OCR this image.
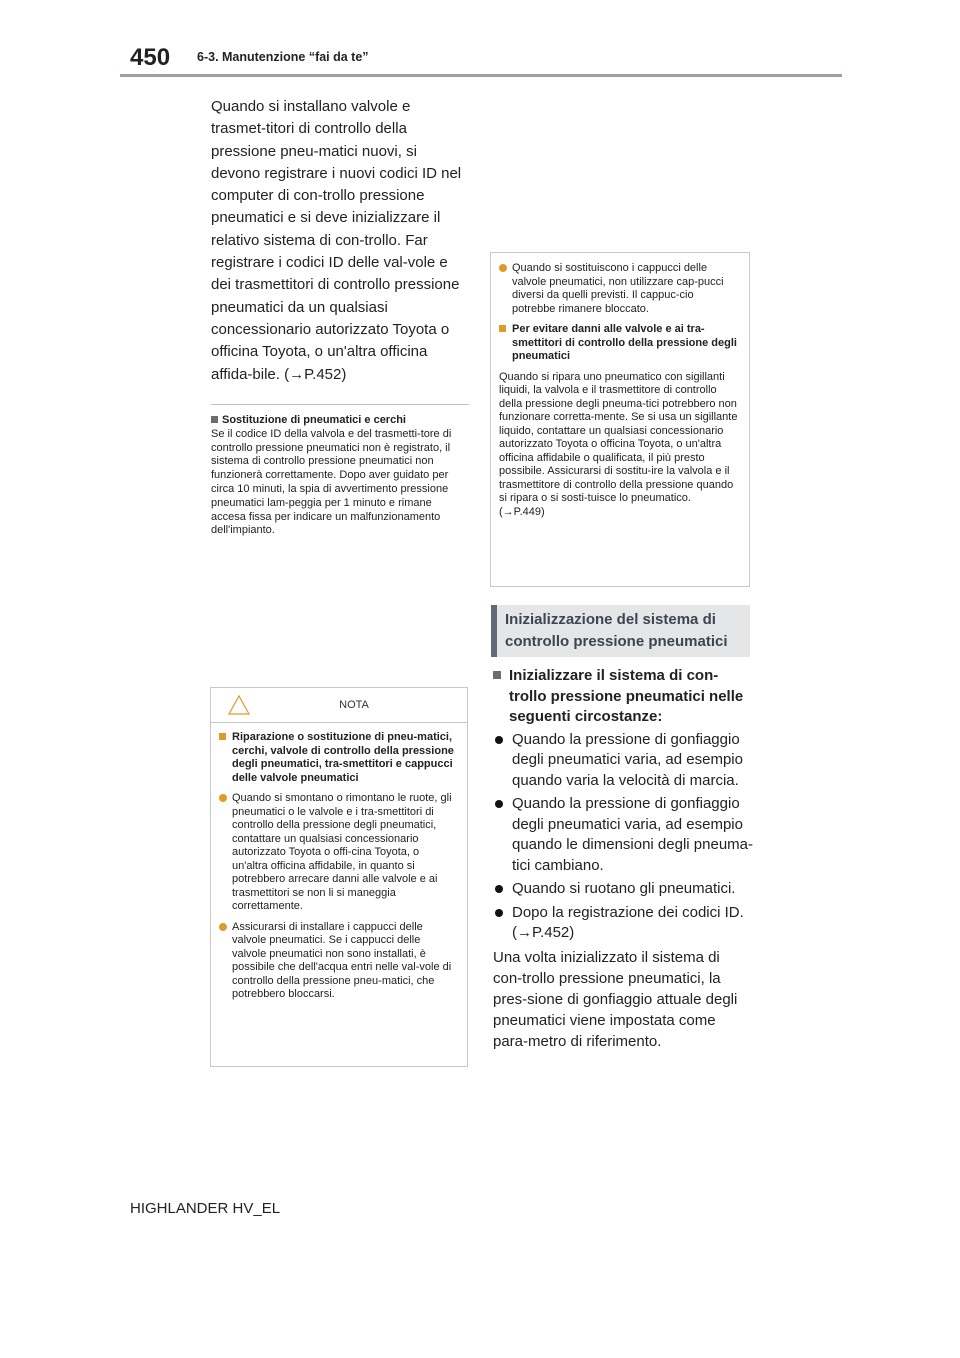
450 6-3. Manutenzione “fai da te”

Quando si installano valvole e trasmet-titori di controllo della pressione pneu-matici nuovi, si devono registrare i nuovi codici ID nel computer di con-trollo pressione pneumatici e si deve inizializzare il relativo sistema di con-trollo. Far registrare i codici ID delle val-vole e dei trasmettitori di controllo pressione pneumatici da un qualsiasi concessionario autorizzato Toyota o officina Toyota, o un'altra officina affida-bile. (→P.452)

Sostituzione di pneumatici e cerchi

Se il codice ID della valvola e del trasmetti-tore di controllo pressione pneumatici non è registrato, il sistema di controllo pressione pneumatici non funzionerà correttamente. Dopo aver guidato per circa 10 minuti, la spia di avvertimento pressione pneumatici lam-peggia per 1 minuto e rimane accesa fissa per indicare un malfunzionamento dell'impianto.

NOTA
Riparazione o sostituzione di pneu-matici, cerchi, valvole di controllo della pressione degli pneumatici, tra-smettitori e cappucci delle valvole pneumatici
Quando si smontano o rimontano le ruote, gli pneumatici o le valvole e i tra-smettitori di controllo della pressione degli pneumatici, contattare un qualsiasi concessionario autorizzato Toyota o offi-cina Toyota, o un'altra officina affidabile, in quanto si potrebbero arrecare danni alle valvole e ai trasmettitori se non li si maneggia correttamente.
Assicurarsi di installare i cappucci delle valvole pneumatici. Se i cappucci delle valvole pneumatici non sono installati, è possibile che dell'acqua entri nelle val-vole di controllo della pressione pneu-matici, che potrebbero bloccarsi.
Quando si sostituiscono i cappucci delle valvole pneumatici, non utilizzare cap-pucci diversi da quelli previsti. Il cappuc-cio potrebbe rimanere bloccato.
Per evitare danni alle valvole e ai tra-smettitori di controllo della pressione degli pneumatici

Quando si ripara uno pneumatico con sigillanti liquidi, la valvola e il trasmettitore di controllo della pressione degli pneuma-tici potrebbero non funzionare corretta-mente. Se si usa un sigillante liquido, contattare un qualsiasi concessionario autorizzato Toyota o officina Toyota, o un'altra officina affidabile o qualificata, il più presto possibile. Assicurarsi di sostitu-ire la valvola e il trasmettitore di controllo della pressione quando si ripara o si sosti-tuisce lo pneumatico. (→P.449)

Inizializzazione del sistema di controllo pressione pneumatici
Inizializzare il sistema di con-trollo pressione pneumatici nelle seguenti circostanze:
Quando la pressione di gonfiaggio degli pneumatici varia, ad esempio quando varia la velocità di marcia.
Quando la pressione di gonfiaggio degli pneumatici varia, ad esempio quando le dimensioni degli pneuma-tici cambiano.
Quando si ruotano gli pneumatici.
Dopo la registrazione dei codici ID. (→P.452)

Una volta inizializzato il sistema di con-trollo pressione pneumatici, la pres-sione di gonfiaggio attuale degli pneumatici viene impostata come para-metro di riferimento.

HIGHLANDER HV_EL
